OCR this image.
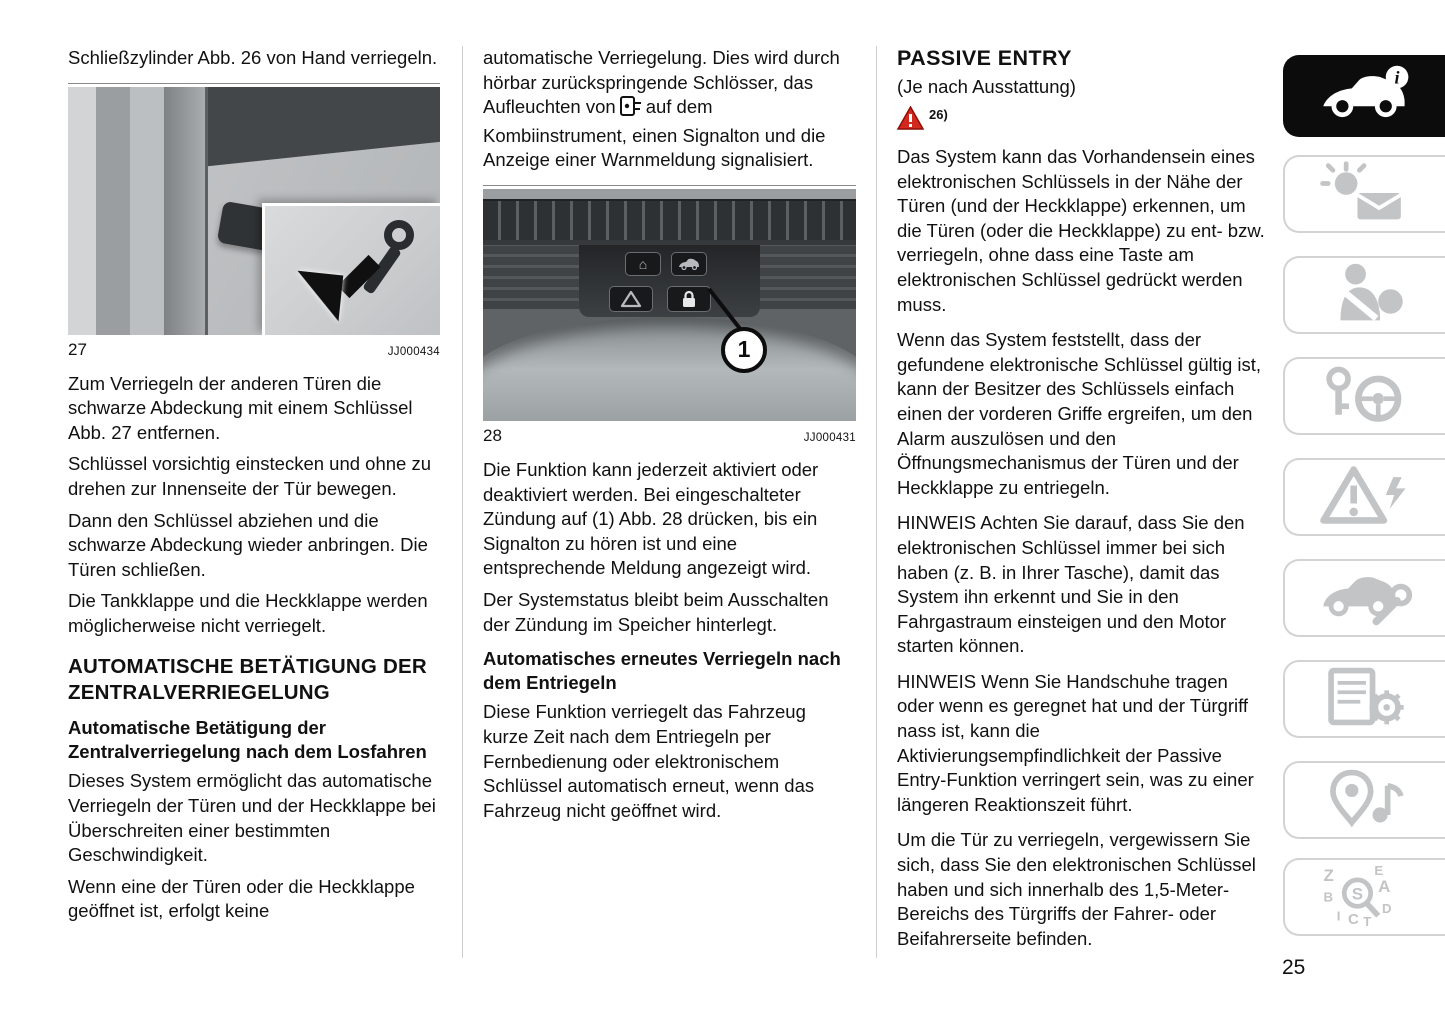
Schließzylinder Abb. 26 von Hand verriegeln.

27	JJ000434

Zum Verriegeln der anderen Türen die schwarze Abdeckung mit einem Schlüssel Abb. 27 entfernen.

Schlüssel vorsichtig einstecken und ohne zu drehen zur Innenseite der Tür bewegen.

Dann den Schlüssel abziehen und die schwarze Abdeckung wieder anbringen. Die Türen schließen.

Die Tankklappe und die Heckklappe werden möglicherweise nicht verriegelt.

AUTOMATISCHE BETÄTIGUNG DER ZENTRALVERRIEGELUNG
Automatische Betätigung der Zentralverriegelung nach dem Losfahren

Dieses System ermöglicht das automatische Verriegeln der Türen und der Heckklappe bei Überschreiten einer bestimmten Geschwindigkeit.

Wenn eine der Türen oder die Heckklappe geöffnet ist, erfolgt keine

automatische Verriegelung. Dies wird durch hörbar zurückspringende Schlösser, das Aufleuchten von auf dem Kombiinstrument, einen Signalton und die Anzeige einer Warnmeldung signalisiert.

⌂
1
28	JJ000431

Die Funktion kann jederzeit aktiviert oder deaktiviert werden. Bei eingeschalteter Zündung auf (1) Abb. 28 drücken, bis ein Signalton zu hören ist und eine entsprechende Meldung angezeigt wird.

Der Systemstatus bleibt beim Ausschalten der Zündung im Speicher hinterlegt.

Automatisches erneutes Verriegeln nach dem Entriegeln

Diese Funktion verriegelt das Fahrzeug kurze Zeit nach dem Entriegeln per Fernbedienung oder elektronischem Schlüssel automatisch erneut, wenn das Fahrzeug nicht geöffnet wird.

PASSIVE ENTRY

(Je nach Ausstattung)

26)

Das System kann das Vorhandensein eines elektronischen Schlüssels in der Nähe der Türen (und der Heckklappe) erkennen, um die Türen (oder die Heckklappe) zu ent- bzw. verriegeln, ohne dass eine Taste am elektronischen Schlüssel gedrückt werden muss.

Wenn das System feststellt, dass der gefundene elektronische Schlüssel gültig ist, kann der Besitzer des Schlüssels einfach einen der vorderen Griffe ergreifen, um den Alarm auszulösen und den Öffnungsmechanismus der Türen und der Heckklappe zu entriegeln.

HINWEIS Achten Sie darauf, dass Sie den elektronischen Schlüssel immer bei sich haben (z. B. in Ihrer Tasche), damit das System ihn erkennt und Sie in den Fahrgastraum einsteigen und den Motor starten können.

HINWEIS Wenn Sie Handschuhe tragen oder wenn es geregnet hat und der Türgriff nass ist, kann die Aktivierungsempfindlichkeit der Passive Entry-Funktion verringert sein, was zu einer längeren Reaktionszeit führt.

Um die Tür zu verriegeln, vergewissern Sie sich, dass Sie den elektronischen Schlüssel haben und sich innerhalb des 1,5-Meter-Bereichs des Türgriffs der Fahrer- oder Beifahrerseite befinden.

i
Z	E
B
A
I C T
D
S
25
